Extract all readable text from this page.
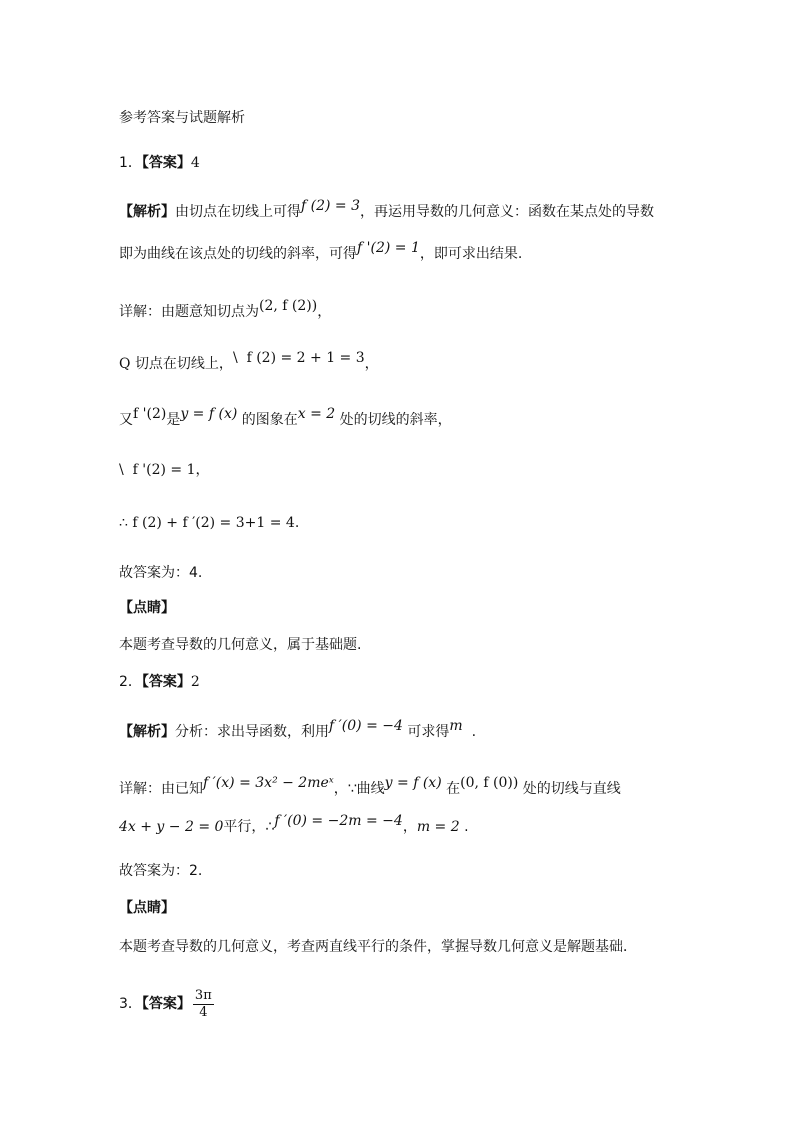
参考答案与试题解析
1．【答案】4
【解析】由切点在切线上可得f (2) = 3，再运用导数的几何意义：函数在某点处的导数
即为曲线在该点处的切线的斜率，可得f '(2) = 1，即可求出结果.
详解：由题意知切点为(2, f (2))，
Q 切点在切线上，\ f (2) = 2 + 1 = 3，
又f '(2)是y = f (x) 的图象在x = 2 处的切线的斜率，
\ f '(2) = 1，
∴ f (2) + f ′(2) = 3+1 = 4.
故答案为：4.
【点睛】
本题考查导数的几何意义，属于基础题.
2．【答案】2
【解析】分析：求出导函数，利用f ′(0) = −4 可求得m .
详解：由已知f ′(x) = 3x² − 2meˣ，∵曲线y = f (x) 在(0, f (0)) 处的切线与直线
4x + y − 2 = 0平行，∴f ′(0) = −2m = −4，m = 2 .
故答案为：2.
【点睛】
本题考查导数的几何意义，考查两直线平行的条件，掌握导数几何意义是解题基础．
3．【答案】 $\frac{3\pi}{4}$
